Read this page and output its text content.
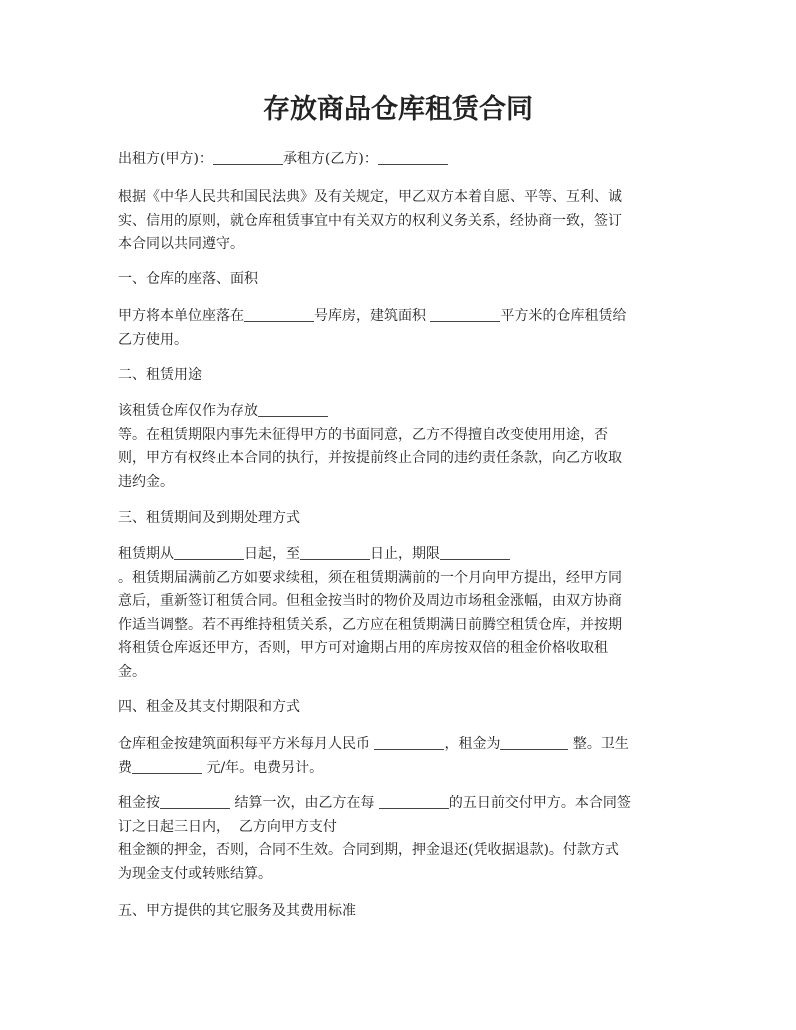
存放商品仓库租赁合同

出租方(甲方)：	承租方(乙方)：

根据《中华人民共和国民法典》及有关规定，甲乙双方本着自愿、平等、互利、诚
实、信用的原则，就仓库租赁事宜中有关双方的权利义务关系，经协商一致，签订
本合同以共同遵守。

一、仓库的座落、面积

甲方将本单位座落在	号库房，建筑面积	平方米的仓库租赁给
乙方使用。

二、租赁用途

该租赁仓库仅作为存放
等。在租赁期限内事先未征得甲方的书面同意，乙方不得擅自改变使用用途，否
则，甲方有权终止本合同的执行，并按提前终止合同的违约责任条款，向乙方收取
违约金。

三、租赁期间及到期处理方式

租赁期从	日起，至	日止，期限
。租赁期届满前乙方如要求续租，须在租赁期满前的一个月向甲方提出，经甲方同
意后，重新签订租赁合同。但租金按当时的物价及周边市场租金涨幅，由双方协商
作适当调整。若不再维持租赁关系，乙方应在租赁期满日前腾空租赁仓库，并按期
将租赁仓库返还甲方，否则，甲方可对逾期占用的库房按双倍的租金价格收取租
金。

四、租金及其支付期限和方式

仓库租金按建筑面积每平方米每月人民币	，租金为	整。卫生
费	元/年。电费另计。

租金按	结算一次，由乙方在每	的五日前交付甲方。本合同签
订之日起三日内，  乙方向甲方支付
租金额的押金，否则，合同不生效。合同到期，押金退还(凭收据退款)。付款方式
为现金支付或转账结算。

五、甲方提供的其它服务及其费用标准
